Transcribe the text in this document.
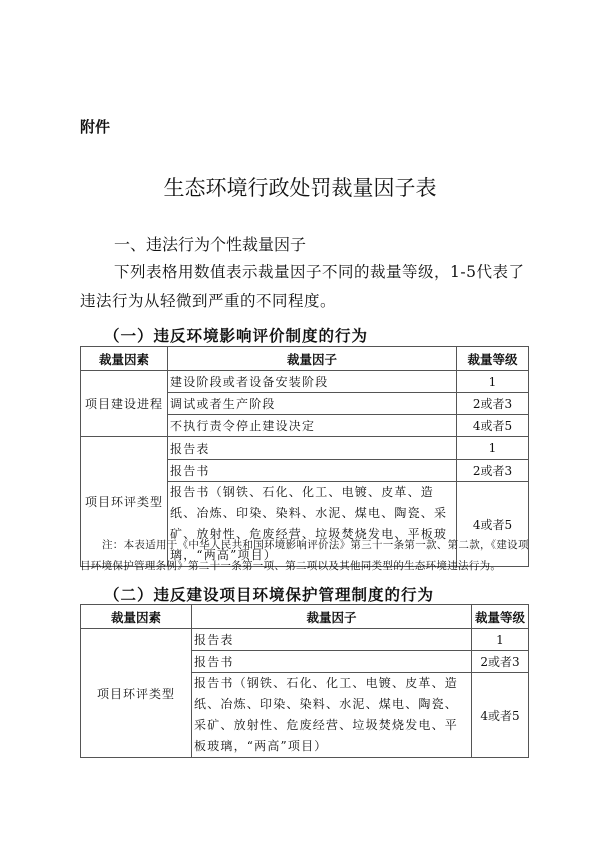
附件
生态环境行政处罚裁量因子表
一、违法行为个性裁量因子
下列表格用数值表示裁量因子不同的裁量等级，1-5代表了违法行为从轻微到严重的不同程度。
（一）违反环境影响评价制度的行为
裁量因素	裁量因子	裁量等级
项目建设进程	建设阶段或者设备安装阶段	1
	调试或者生产阶段	2或者3
	不执行责令停止建设决定	4或者5
项目环评类型	报告表	1
	报告书	2或者3
	报告书（钢铁、石化、化工、电镀、皮革、造纸、冶炼、印染、染料、水泥、煤电、陶瓷、采矿、放射性、危废经营、垃圾焚烧发电、平板玻璃，“两高”项目）	4或者5
注：本表适用于《中华人民共和国环境影响评价法》第三十一条第一款、第二款，《建设项目环境保护管理条例》第二十一条第一项、第二项以及其他同类型的生态环境违法行为。
（二）违反建设项目环境保护管理制度的行为
裁量因素	裁量因子	裁量等级
项目环评类型	报告表	1
	报告书	2或者3
	报告书（钢铁、石化、化工、电镀、皮革、造纸、冶炼、印染、染料、水泥、煤电、陶瓷、采矿、放射性、危废经营、垃圾焚烧发电、平板玻璃，“两高”项目）	4或者5
